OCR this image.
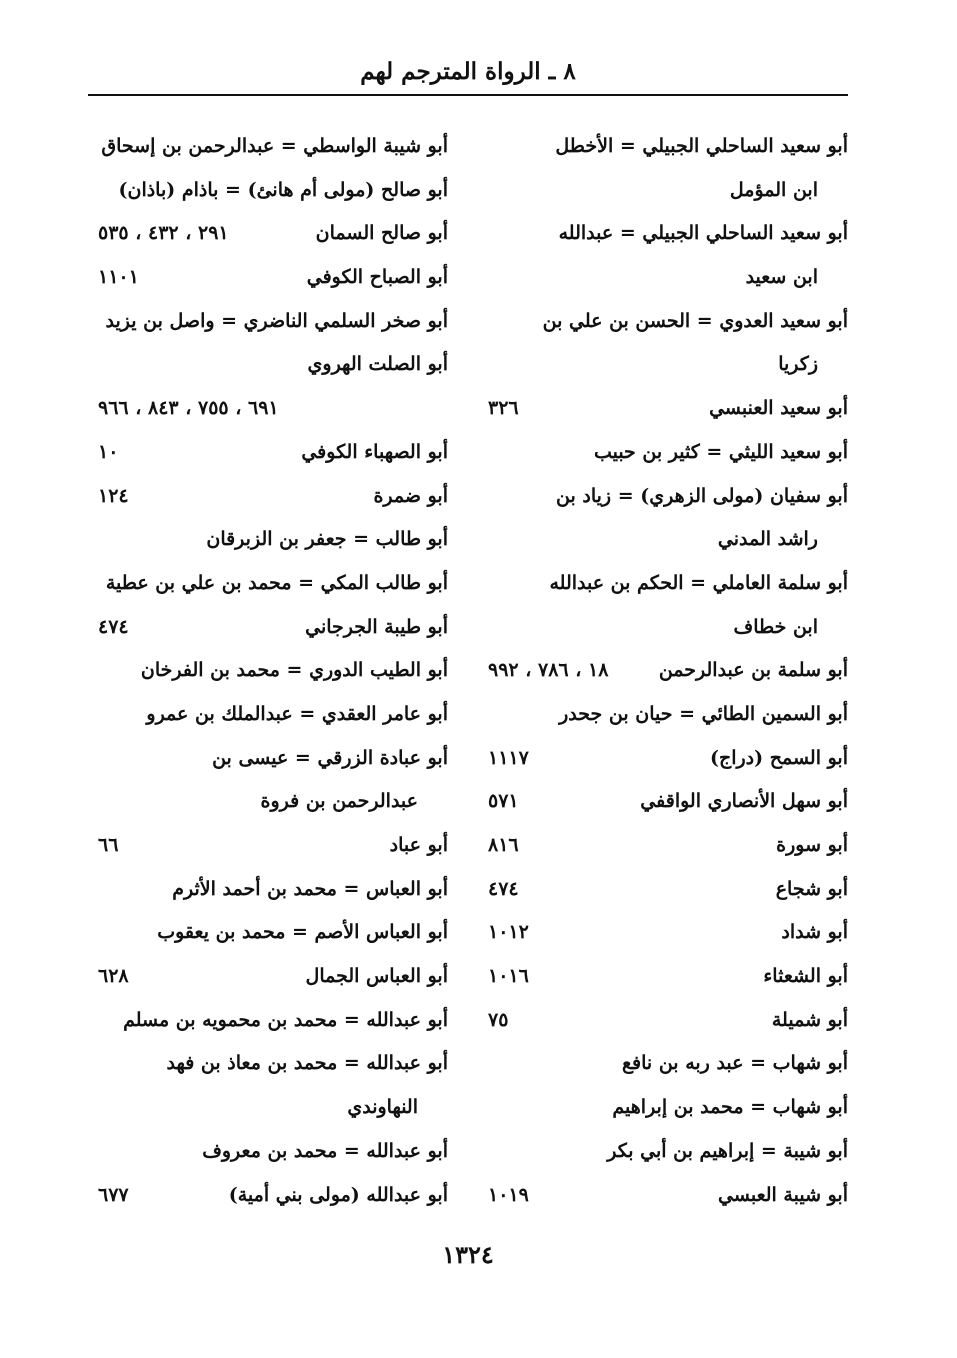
٨ ـ الرواة المترجم لهم
أبو سعيد الساحلي الجبيلي = الأخطل
ابن المؤمل
أبو سعيد الساحلي الجبيلي = عبدالله
ابن سعيد
أبو سعيد العدوي = الحسن بن علي بن
زكريا
أبو سعيد العنبسي
٣٢٦
أبو سعيد الليثي = كثير بن حبيب
أبو سفيان (مولى الزهري) = زياد بن
راشد المدني
أبو سلمة العاملي = الحكم بن عبدالله
ابن خطاف
أبو سلمة بن عبدالرحمن
١٨ ، ٧٨٦ ، ٩٩٢
أبو السمين الطائي = حيان بن جحدر
أبو السمح (دراج)
١١١٧
أبو سهل الأنصاري الواقفي
٥٧١
أبو سورة
٨١٦
أبو شجاع
٤٧٤
أبو شداد
١٠١٢
أبو الشعثاء
١٠١٦
أبو شميلة
٧٥
أبو شهاب = عبد ربه بن نافع
أبو شهاب = محمد بن إبراهيم
أبو شيبة = إبراهيم بن أبي بكر
أبو شيبة العبسي
١٠١٩
أبو شيبة الواسطي = عبدالرحمن بن إسحاق
أبو صالح (مولى أم هانئ) = باذام (باذان)
أبو صالح السمان
٢٩١ ، ٤٣٢ ، ٥٣٥
أبو الصباح الكوفي
١١٠١
أبو صخر السلمي الناضري = واصل بن يزيد
أبو الصلت الهروي
٦٩١ ، ٧٥٥ ، ٨٤٣ ، ٩٦٦
أبو الصهباء الكوفي
١٠
أبو ضمرة
١٢٤
أبو طالب = جعفر بن الزبرقان
أبو طالب المكي = محمد بن علي بن عطية
أبو طيبة الجرجاني
٤٧٤
أبو الطيب الدوري = محمد بن الفرخان
أبو عامر العقدي = عبدالملك بن عمرو
أبو عبادة الزرقي = عيسى بن
عبدالرحمن بن فروة
أبو عباد
٦٦
أبو العباس = محمد بن أحمد الأثرم
أبو العباس الأصم = محمد بن يعقوب
أبو العباس الجمال
٦٢٨
أبو عبدالله = محمد بن محمويه بن مسلم
أبو عبدالله = محمد بن معاذ بن فهد
النهاوندي
أبو عبدالله = محمد بن معروف
أبو عبدالله (مولى بني أمية)
٦٧٧
١٣٢٤
